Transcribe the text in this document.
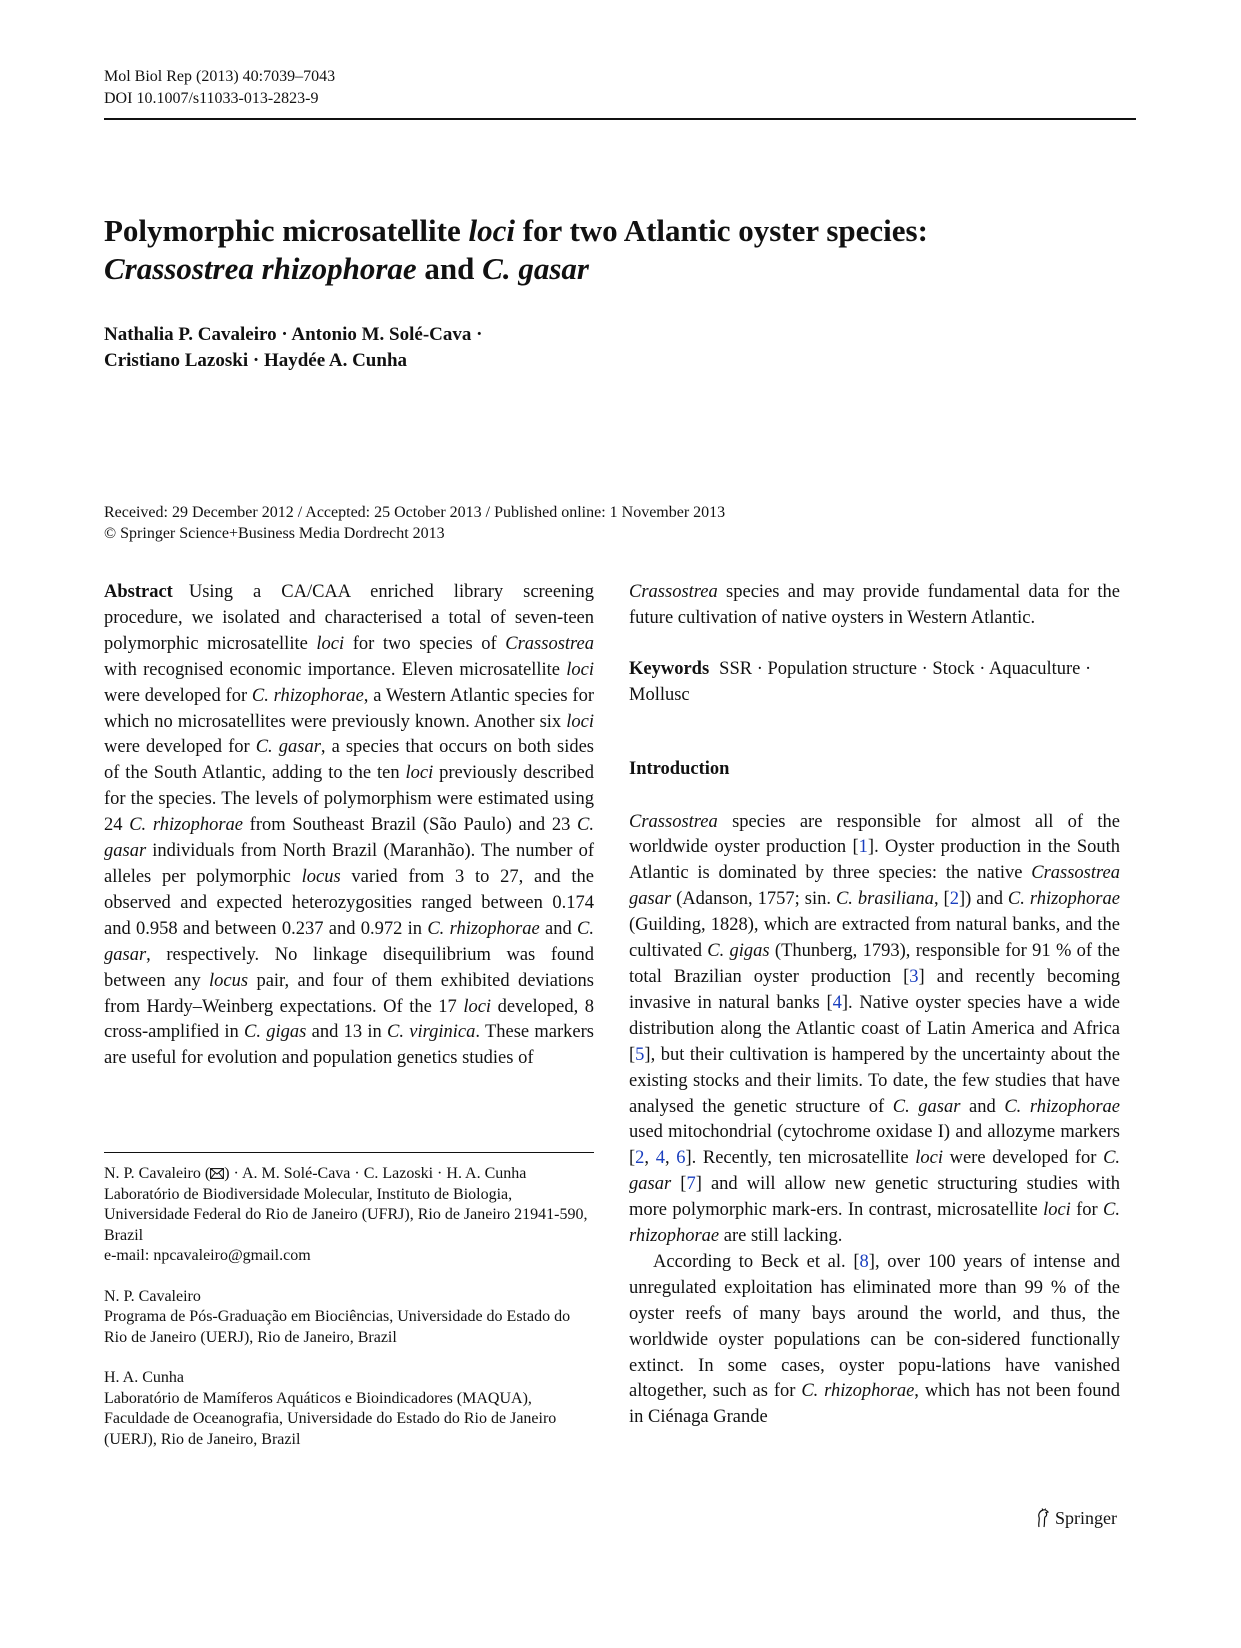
Mol Biol Rep (2013) 40:7039–7043
DOI 10.1007/s11033-013-2823-9
Polymorphic microsatellite loci for two Atlantic oyster species:
Crassostrea rhizophorae and C. gasar
Nathalia P. Cavaleiro · Antonio M. Solé-Cava ·
Cristiano Lazoski · Haydée A. Cunha
Received: 29 December 2012 / Accepted: 25 October 2013 / Published online: 1 November 2013
© Springer Science+Business Media Dordrecht 2013

Abstract Using a CA/CAA enriched library screening procedure, we isolated and characterised a total of seven-teen polymorphic microsatellite loci for two species of Crassostrea with recognised economic importance. Eleven microsatellite loci were developed for C. rhizophorae, a Western Atlantic species for which no microsatellites were previously known. Another six loci were developed for C. gasar, a species that occurs on both sides of the South Atlantic, adding to the ten loci previously described for the species. The levels of polymorphism were estimated using 24 C. rhizophorae from Southeast Brazil (São Paulo) and 23 C. gasar individuals from North Brazil (Maranhão). The number of alleles per polymorphic locus varied from 3 to 27, and the observed and expected heterozygosities ranged between 0.174 and 0.958 and between 0.237 and 0.972 in C. rhizophorae and C. gasar, respectively. No linkage disequilibrium was found between any locus pair, and four of them exhibited deviations from Hardy–Weinberg expectations. Of the 17 loci developed, 8 cross-amplified in C. gigas and 13 in C. virginica. These markers are useful for evolution and population genetics studies of

N. P. Cavaleiro ( ) · A. M. Solé-Cava · C. Lazoski · H. A. Cunha
Laboratório de Biodiversidade Molecular, Instituto de Biologia, Universidade Federal do Rio de Janeiro (UFRJ), Rio de Janeiro 21941-590, Brazil
e-mail: npcavaleiro@gmail.com

N. P. Cavaleiro
Programa de Pós-Graduação em Biociências, Universidade do Estado do Rio de Janeiro (UERJ), Rio de Janeiro, Brazil

H. A. Cunha
Laboratório de Mamíferos Aquáticos e Bioindicadores (MAQUA), Faculdade de Oceanografia, Universidade do Estado do Rio de Janeiro (UERJ), Rio de Janeiro, Brazil

Crassostrea species and may provide fundamental data for the future cultivation of native oysters in Western Atlantic.

Keywords SSR · Population structure · Stock · Aquaculture · Mollusc

Introduction

Crassostrea species are responsible for almost all of the worldwide oyster production [1]. Oyster production in the South Atlantic is dominated by three species: the native Crassostrea gasar (Adanson, 1757; sin. C. brasiliana, [2]) and C. rhizophorae (Guilding, 1828), which are extracted from natural banks, and the cultivated C. gigas (Thunberg, 1793), responsible for 91 % of the total Brazilian oyster production [3] and recently becoming invasive in natural banks [4]. Native oyster species have a wide distribution along the Atlantic coast of Latin America and Africa [5], but their cultivation is hampered by the uncertainty about the existing stocks and their limits. To date, the few studies that have analysed the genetic structure of C. gasar and C. rhizophorae used mitochondrial (cytochrome oxidase I) and allozyme markers [2, 4, 6]. Recently, ten microsatellite loci were developed for C. gasar [7] and will allow new genetic structuring studies with more polymorphic mark-ers. In contrast, microsatellite loci for C. rhizophorae are still lacking.

According to Beck et al. [8], over 100 years of intense and unregulated exploitation has eliminated more than 99 % of the oyster reefs of many bays around the world, and thus, the worldwide oyster populations can be con-sidered functionally extinct. In some cases, oyster popu-lations have vanished altogether, such as for C. rhizophorae, which has not been found in Ciénaga Grande

Springer
